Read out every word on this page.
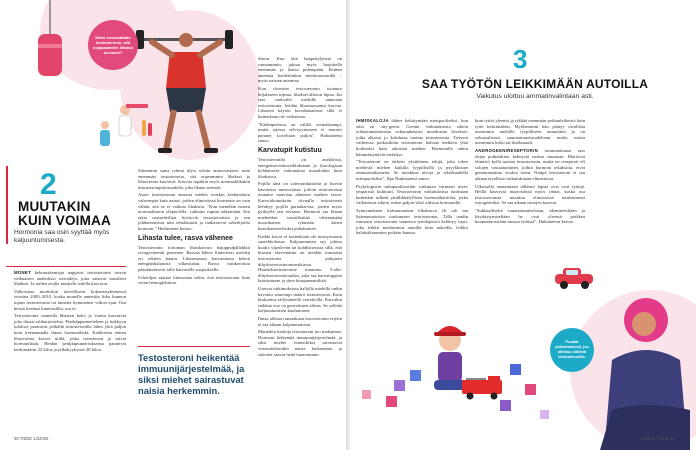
Miksi ensinnäkään testosteronia, sitä nojapaaminin liikaksi kuvioksi?
2
MUUTAKIN
KUIN VOIMAA
Hormonia saa osin syyttää myös kaljuuntumisesta.

MONET kehonrakentajat nappivat testosteronin tavoin valkuaisen anabolisia steroideja, jotta saisivat muskleet lihakset. Ja niiden avulla muskelit todella kasvavat.

Valkoisuus moittittiin tieteellisesti kokonaisyksenessä vuosina 2000–2010, koska monelle annettiin liiko kunnon tujaus testosteronia tai lumetta kymmenen viikon ajan. Osa heistä treenasi kuntosalilla, osa ei.

Testosteronia saaneilla lihasten koko ja voima kasvoivat joka ilman saliharjoittelua. Petekäppunnerteleen ja kukkyyn tulokset paranivat pelkällä testosteronilla lähes yhtä paljon kuin treenaamalla ilman hormonilisää. Kaikkeista eniten lihasvoima kasvoi niillä, jotka treenasivat ja saivat hormonilisää. Heidän penkkipunnerruksensa paranivat keskimäärin 22 kiloa ja jalkakyykynsä 38 kiloa.

Sittemmin sama ryhmä tilysi selvän annosvasteen: mitä enemmän testosteronia, sitä nopeammin lihakset ja lihasvoima kasvavat. Kasvua tapahtui myös normaalilikakin testosteronipitoisuudella, joka lihaan treenoli.

Asuet testosteronin annosta miehet ovatkin keskimäärin vahvempia kuin naiset, joiden elimistössä hormonia on vain vähän, sitä se ei vaikuta lihaksiin. "Kun meneläin naisen normaalitason yläpuolelle, vaikutus rupeaa näkymään. Sen takia naisurheilijat hyötyvät testosteronista ja sen johdannaisista niin tehokkaasti ja rankaisevat urheilijoilta hormoni." Hultuniemi kertoo.

Lihasta tulee, rasva vähenee

Testosteronin fortoman lihaskasvun hajuppulpällakkui ravogevmentti pienenee. Rasvaa lähtee liimeisesti useiden eri rektien kautta. Lihasmassan kasvaminen kehon energiankulutusta vilkastuttaa. Rasva vainkeroituu pääsääntöisesti tallä kaivuselle suojaukselle.

Urheilijaa saattaa liiinnostaa sekin, että testosteronin lisää veren hemoglobiinia.

Testosteroni heikentää immuunijärjestelmää, ja siksi miehet sairastuvat naisia herkemmin.

Sitoin. Kun tätä happokyljeista on runsaammin, jaksaa myös harjoitella enemmän ja laassa pidempään. Enimm anemiaa hoidettiinkin miesbornoonilla – myös naisten anemiaa.

Kun tiivesten testosteronin tuotanto hiljalaseen tripsua, lihakset alkavat hipua. Jos taas vanhoille miehille annetaan testosteronia, heidän lihasmassansa kasvaa. Lihasten käytön koordinaatioon sillä ei kuitenkaan ole vaikutusta.

"Kädenpuristus on välillä voimakaampi, mutta arjessa selviytymiseen ei muutos paraner koveltaan paljon", Huhtaniemi sanoo.

Karvatupit kutistuu

Testosteronilla on anabolisia, energiahoventowaikluksiaan ja fysiologisan kohdattavia vaikutuksia muualiakin kuin lihaksissa.

Pojilla tänä on siitemiinkittävää ja kurvin kasvaessa murrosiässä, joiloin testosteronin tuotanto nauvitaa aikuisen miehen tason. Karvoitkomuksiin riivualla testosteroni kehittyy pojilla parnakarvaa, joiden myös pyrkiyllä sen arvaana. Hormoni saa lihaan miehenkin suositlisittää vähenemään nuorukaisen ryhmään äänen kurrokaisenvilsiksi pidiakaseen.

Kaikki karva ei kuitenkaan ole miesyrmonin suutekkokassa. Kaljuuntumen syy johtuu kuulia ylpeilevän tai kohdistuvasta sillä, että hiusten elaviemmin on meidän runsaasta testosteronia pohjaava dihydrotestosteronireaktiesta. Hiustiektestosteronie muuntuu 5-alfa-dihydrotestosteroniksi, joka saa karvatuppien kutistumaan ja siten hiuspanaaniiltää.

Useissa tutkimuksissa hallyllä miehillä onkin havaittu suurempi määrä testosteronia. Kuin hiuksensa säilyttäneillä verrokeilla. Karvakin saikkaa vuo on geneettinen alttius. Se selittää kaljuuntumisen kuuluminen.

Ilmaa aihttaa runsaakaan testosteronin eriyiin ei saa aikaan kaljuuntumista.

Muutakin haittoja testosteroni tuo mukanaan. Hormoni heikentää immuunijärjestelmää, ja siksi miehet esimerkiksi sairastuvat virusinfektioihin naisia herkemmin ja sokottet saavat heitä huonommin.

30 TIEDE 14/2020
3
SAA TYÖTÖN LEIKKIMÄÄN AUTOILLA
Vaikutus ulottuu ammatinvalintaan asti.

IHMISKALOJA lähtee kehittymään miespuoliseksi, kun siitä on ony-geeni. Geenin vaikutuksesta sikiön erilaistumattomista sukurauhasista muodostuu kivekset, jotka alkavat jo kohdussa tuottaa testosteronia. Tietyssä vaiheessa poikasikiön testosteroni kohoaa melkein yhtä korkeaksi kuin aikuisen miehen. Hormonilla onkin hämmästyttäviä merkitys.

"Testosteroni on tärkein yksittäinen tekijä, joka tekee miehestä miehen kaikilla tyypillisillä ja psyykkisine ominaisuuksineen. Se muokkaa aivoja jo sikiökaudella miespuolisiksi", Ilpo Huhtaniemi sanoo.

Psykologisiin sukupuolieroihin vaikuttaa varmasti myös ympäristö kulttuuri. Testosteronin vaikutuksista tuttiinaan kuitenkin selkeät yhdilikkäfyllisen hormonihäiriöitä, jotka vaikuttavat sikiön, miten paljon sikiö altistuu hormonille.

Synnynnäinen lisämunuaisen liikakasvu eli cah saa lisämunuaisissa tuottamaan testosteronia. Tällä taudin runsaasti testosteronia saaneista tyttölapsista kehittyy lapsi, joka leikkii mielummin autoilla kuin nukeilla, leikkii haluksikaasmien poikien kanssa.

kuin tyttöt yleensä ja tykkää enemmän poikuuleikeistä kuin tytöt keskimäärin. Myöhemmin hän päätyy tavallista useammin miehille tyypilliseen ammattiin ja on seksuaalisesti suuntautuneisuudeltaan muita naisia useammin lesbo tai biseksuaali.

ANDROGEENIRESEPTORIN toimimattuuus taas ohjaa poikasikiön kehitystä naisen suuntaan. Häiriössä elimistö kyllä tuottaa testosteronia, mutta ne reseptorit eli solujen vastaanottimet, joihin hormoni tekuksiita, eivät genominaattuo vuokot toimi. Niinpä testosteroni ei saa aikaan tavallisia vaikutuksiaan elimistössä.

Ulkoisella anatomiaan tälläiset lapset ovat ovat tyttöjä. Heillä kasvavat murrosiässä myös rinnat, koska osa testosteronista muuttuu elimistössä naishormoni estrogeeniksi. Se saa aikaan rintojen kasvun.

"Sukkaalliselta suuntautumiseltaan, identiteetiltään ja käyttäytymiseltään he ovat yleensä poikkea huomattavastäini muista tytöistä", Huhtaniemi kertoo.

Poukat poikamaisesti, jos altistuu sikiönä testosteronille.
14/2020 TIEDE 31
